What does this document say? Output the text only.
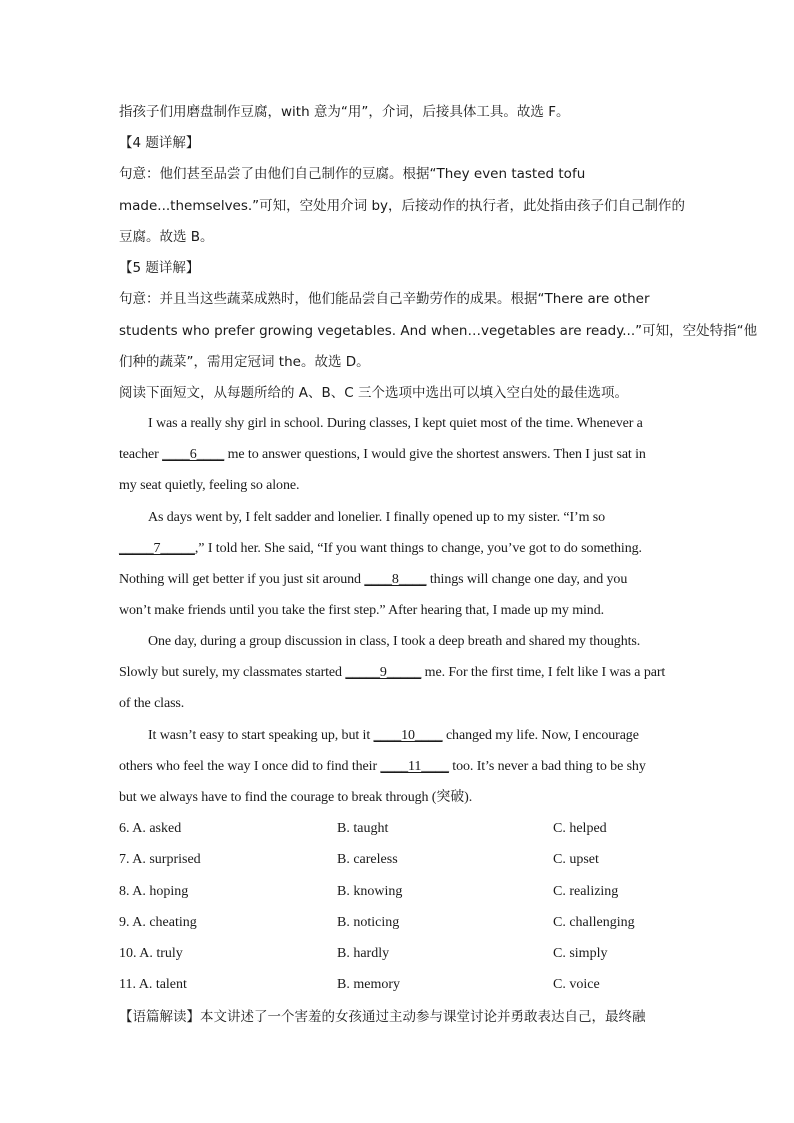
指孩子们用磨盘制作豆腐，with 意为“用”，介词，后接具体工具。故选 F。
【4 题详解】
句意：他们甚至品尝了由他们自己制作的豆腐。根据“They even tasted tofu
made...themselves.”可知，空处用介词 by，后接动作的执行者，此处指由孩子们自己制作的
豆腐。故选 B。
【5 题详解】
句意：并且当这些蔬菜成熟时，他们能品尝自己辛勤劳作的成果。根据“There are other
students who prefer growing vegetables. And when…vegetables are ready...”可知，空处特指“他
们种的蔬菜”，需用定冠词 the。故选 D。
阅读下面短文，从每题所给的 A、B、C 三个选项中选出可以填入空白处的最佳选项。
I was a really shy girl in school. During classes, I kept quiet most of the time. Whenever a
teacher ____6____ me to answer questions, I would give the shortest answers. Then I just sat in
my seat quietly, feeling so alone.
As days went by, I felt sadder and lonelier. I finally opened up to my sister. “I’m so
_____7_____,” I told her. She said, “If you want things to change, you’ve got to do something.
Nothing will get better if you just sit around ____8____ things will change one day, and you
won’t make friends until you take the first step.” After hearing that, I made up my mind.
One day, during a group discussion in class, I took a deep breath and shared my thoughts.
Slowly but surely, my classmates started _____9_____ me. For the first time, I felt like I was a part
of the class.
It wasn’t easy to start speaking up, but it ____10____ changed my life. Now, I encourage
others who feel the way I once did to find their ____11____ too. It’s never a bad thing to be shy
but we always have to find the courage to break through (突破).
6. A. asked	B. taught	C. helped
7. A. surprised	B. careless	C. upset
8. A. hoping	B. knowing	C. realizing
9. A. cheating	B. noticing	C. challenging
10. A. truly	B. hardly	C. simply
11. A. talent	B. memory	C. voice
【语篇解读】本文讲述了一个害羞的女孩通过主动参与课堂讨论并勇敢表达自己，最终融
